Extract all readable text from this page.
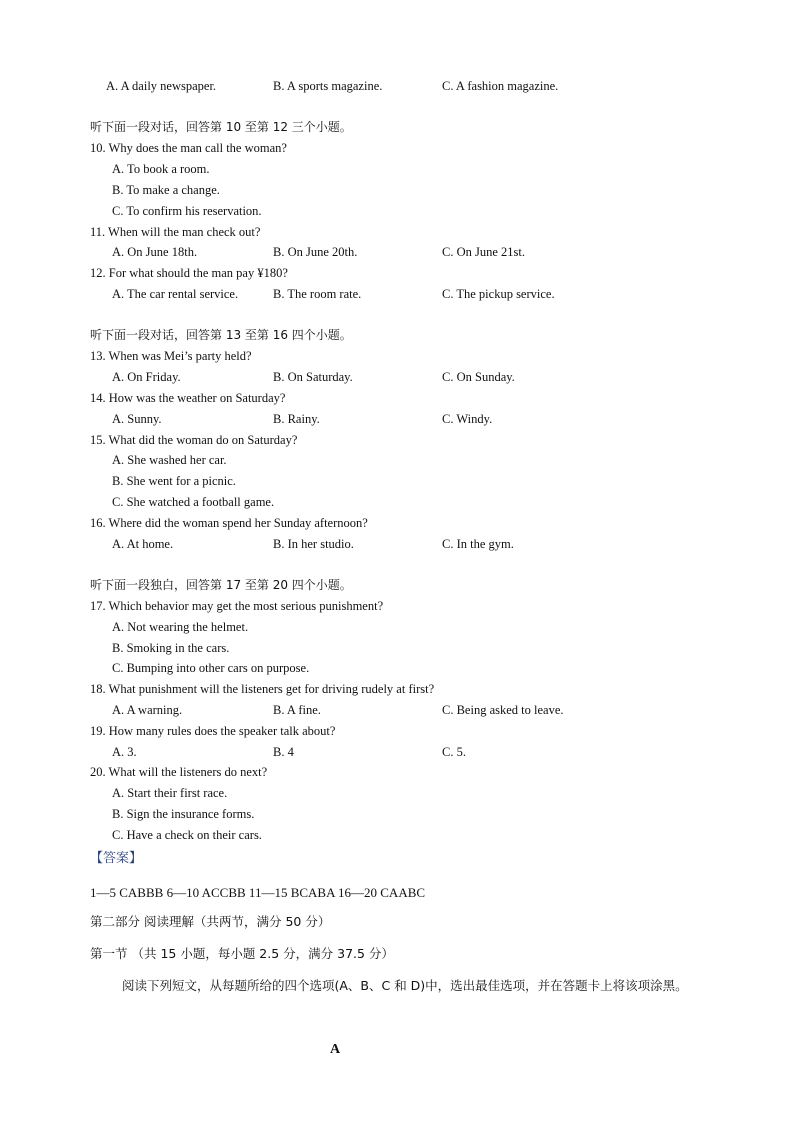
A. A daily newspaper.	B. A sports magazine.	C. A fashion magazine.
听下面一段对话，回答第 10 至第 12 三个小题。
10. Why does the man call the woman?
A. To book a room.
B. To make a change.
C. To confirm his reservation.
11. When will the man check out?
A. On June 18th.	B. On June 20th.	C. On June 21st.
12. For what should the man pay ¥180?
A. The car rental service.	B. The room rate.	C. The pickup service.
听下面一段对话，回答第 13 至第 16 四个小题。
13. When was Mei’s party held?
A. On Friday.	B. On Saturday.	C. On Sunday.
14. How was the weather on Saturday?
A. Sunny.	B. Rainy.	C. Windy.
15. What did the woman do on Saturday?
A. She washed her car.
B. She went for a picnic.
C. She watched a football game.
16. Where did the woman spend her Sunday afternoon?
A. At home.	B. In her studio.	C. In the gym.
听下面一段独白，回答第 17 至第 20 四个小题。
17. Which behavior may get the most serious punishment?
A. Not wearing the helmet.
B. Smoking in the cars.
C. Bumping into other cars on purpose.
18. What punishment will the listeners get for driving rudely at first?
A. A warning.	B. A fine.	C. Being asked to leave.
19. How many rules does the speaker talk about?
A. 3.	B. 4	C. 5.
20. What will the listeners do next?
A. Start their first race.
B. Sign the insurance forms.
C. Have a check on their cars.
【答案】
1—5 CABBB 6—10 ACCBB 11—15 BCABA 16—20 CAABC
第二部分 阅读理解（共两节，满分 50 分）
第一节 （共 15 小题，每小题 2.5 分，满分 37.5 分）
阅读下列短文，从每题所给的四个选项(A、B、C 和 D)中，选出最佳选项，并在答题卡上将该项涂黑。
A
